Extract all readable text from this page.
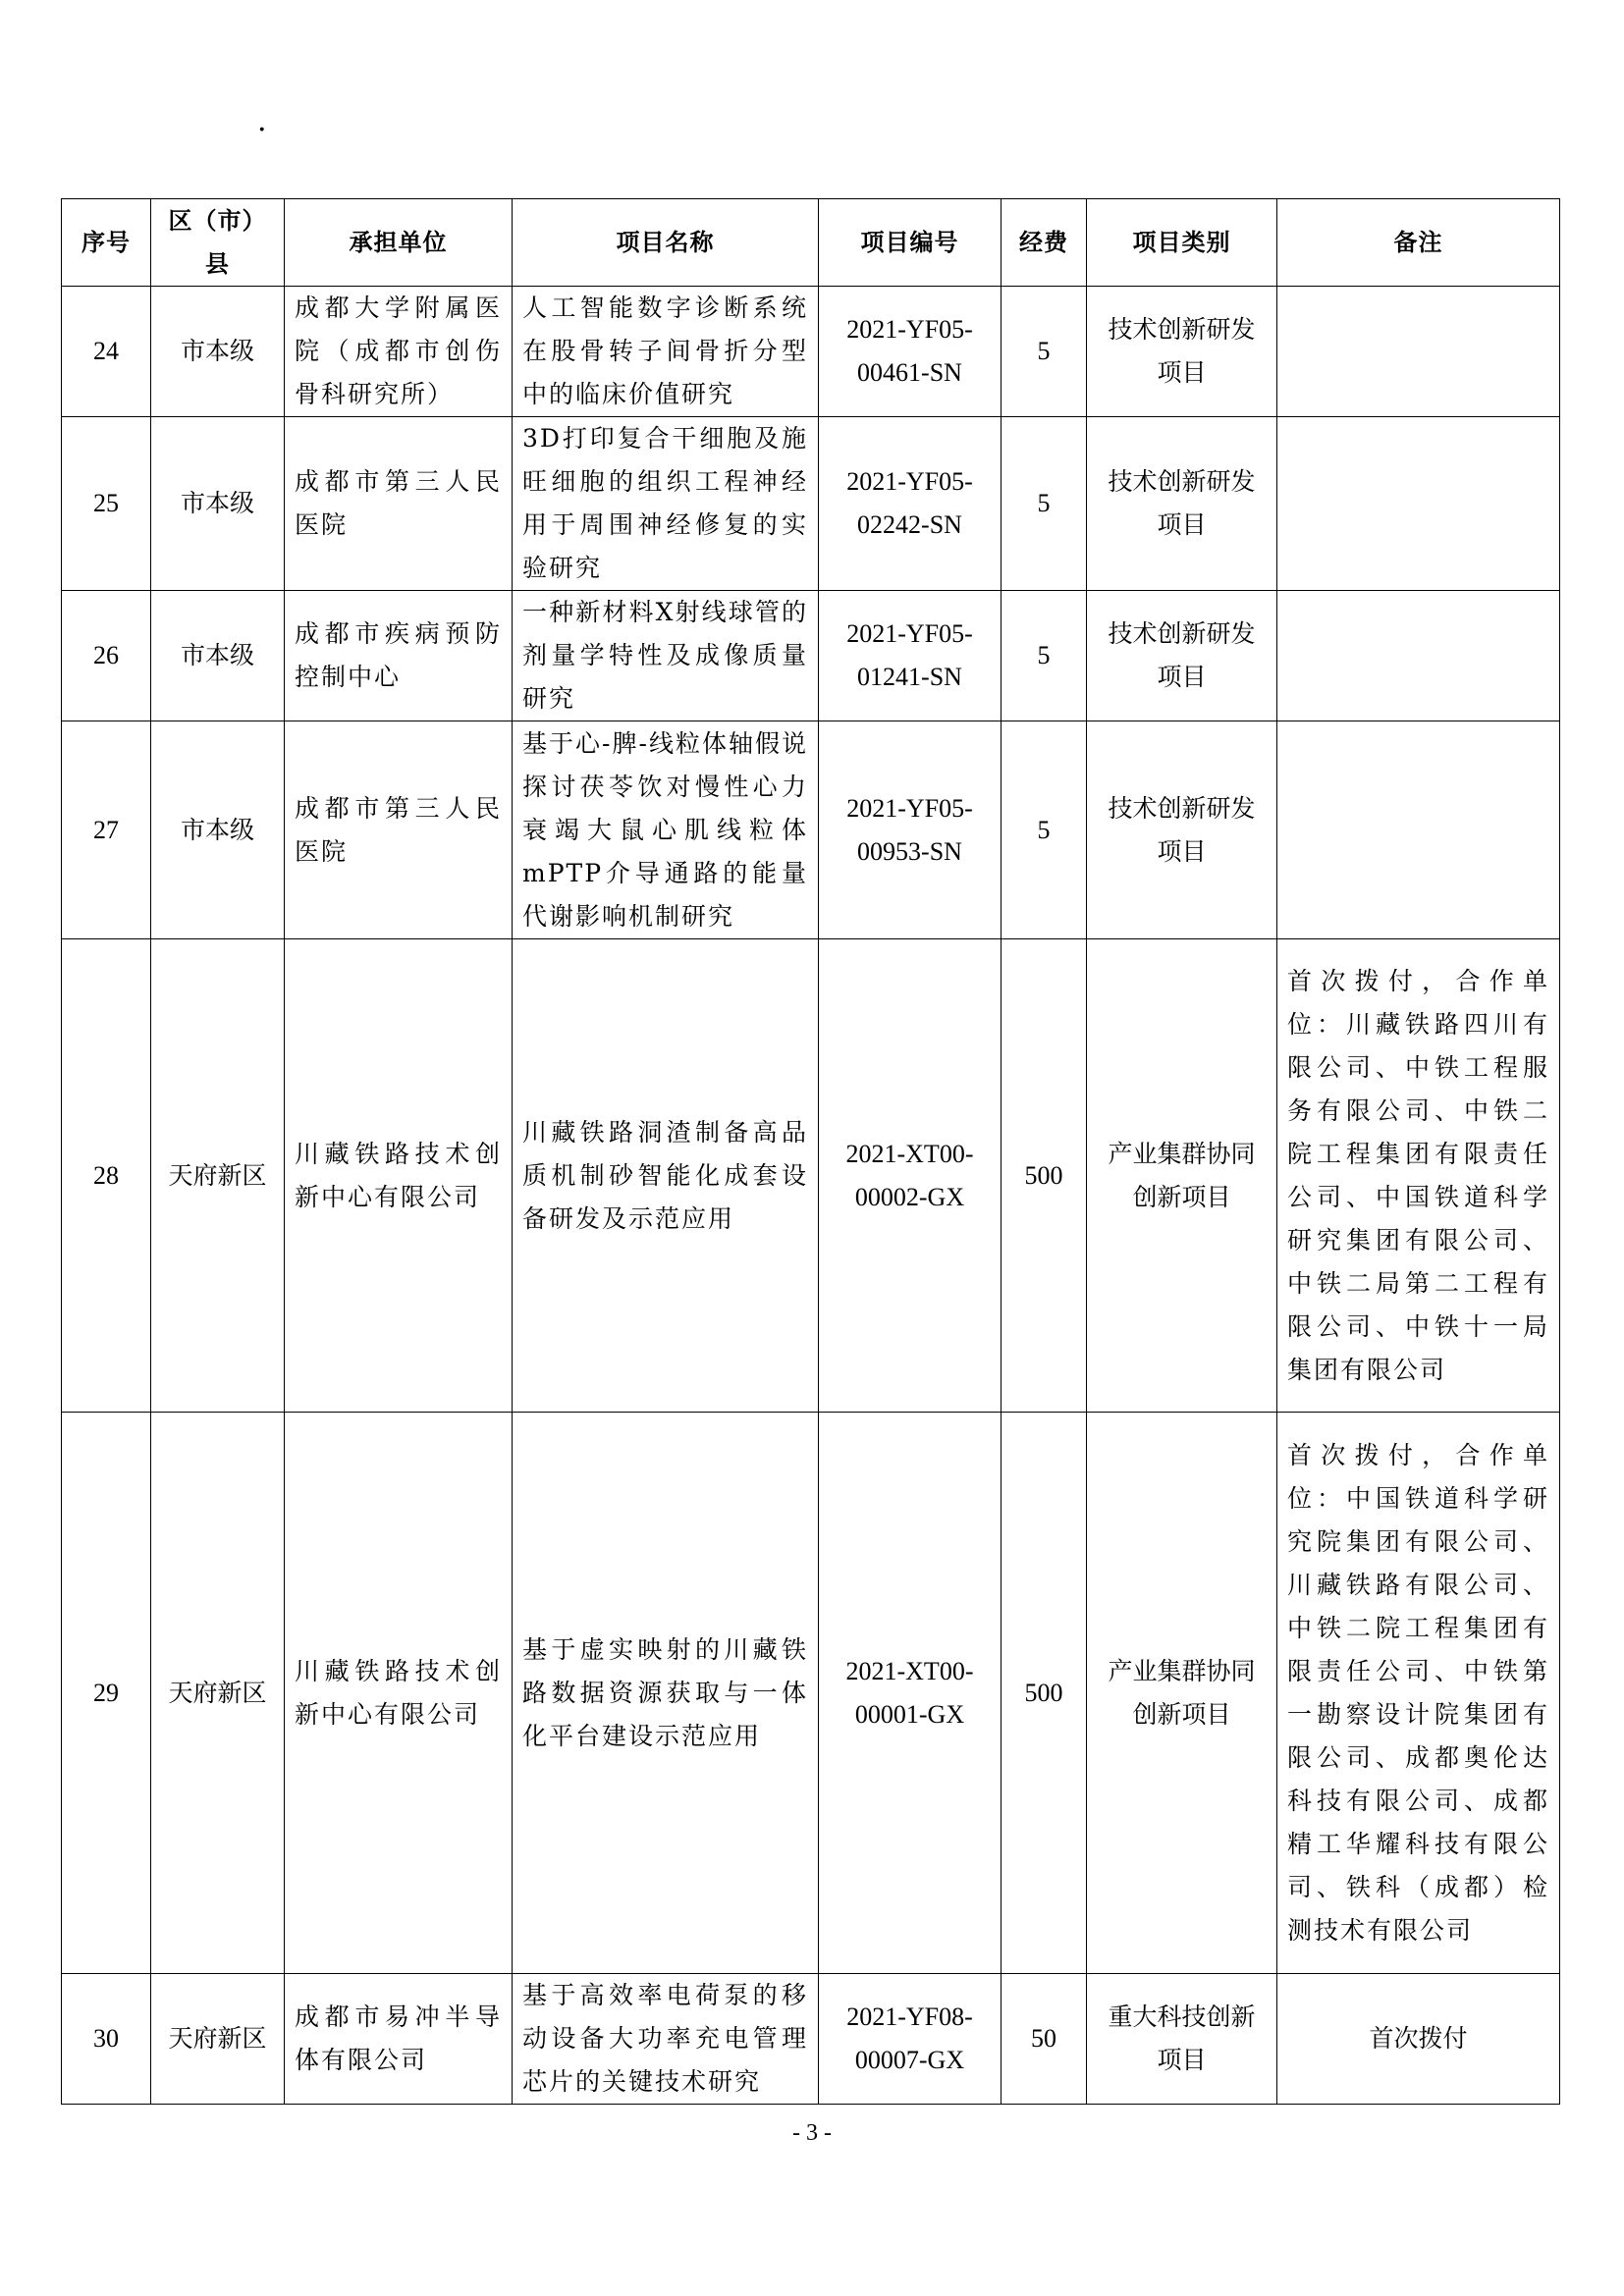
·
序号	区（市）县	承担单位	项目名称	项目编号	经费	项目类别	备注
24	市本级	成都大学附属医院（成都市创伤骨科研究所）	人工智能数字诊断系统在股骨转子间骨折分型中的临床价值研究	2021-YF05-00461-SN	5	技术创新研发项目	
25	市本级	成都市第三人民医院	3D打印复合干细胞及施旺细胞的组织工程神经用于周围神经修复的实验研究	2021-YF05-02242-SN	5	技术创新研发项目	
26	市本级	成都市疾病预防控制中心	一种新材料X射线球管的剂量学特性及成像质量研究	2021-YF05-01241-SN	5	技术创新研发项目	
27	市本级	成都市第三人民医院	基于心-脾-线粒体轴假说探讨茯苓饮对慢性心力衰竭大鼠心肌线粒体mPTP介导通路的能量代谢影响机制研究	2021-YF05-00953-SN	5	技术创新研发项目	
28	天府新区	川藏铁路技术创新中心有限公司	川藏铁路洞渣制备高品质机制砂智能化成套设备研发及示范应用	2021-XT00-00002-GX	500	产业集群协同创新项目	首次拨付，合作单位：川藏铁路四川有限公司、中铁工程服务有限公司、中铁二院工程集团有限责任公司、中国铁道科学研究集团有限公司、中铁二局第二工程有限公司、中铁十一局集团有限公司
29	天府新区	川藏铁路技术创新中心有限公司	基于虚实映射的川藏铁路数据资源获取与一体化平台建设示范应用	2021-XT00-00001-GX	500	产业集群协同创新项目	首次拨付，合作单位：中国铁道科学研究院集团有限公司、川藏铁路有限公司、中铁二院工程集团有限责任公司、中铁第一勘察设计院集团有限公司、成都奥伦达科技有限公司、成都精工华耀科技有限公司、铁科（成都）检测技术有限公司
30	天府新区	成都市易冲半导体有限公司	基于高效率电荷泵的移动设备大功率充电管理芯片的关键技术研究	2021-YF08-00007-GX	50	重大科技创新项目	首次拨付
- 3 -
